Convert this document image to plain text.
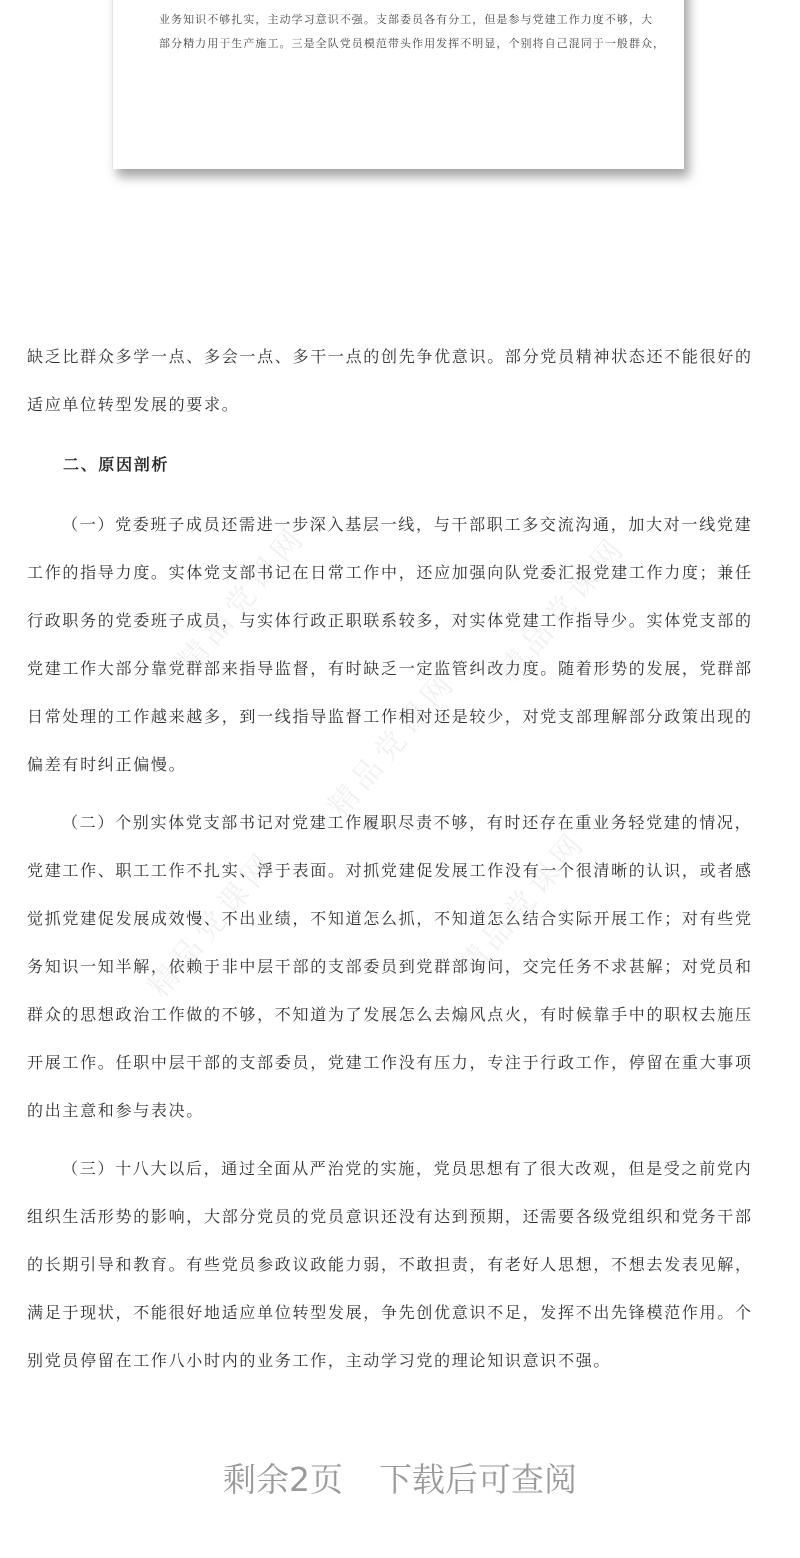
业务知识不够扎实，主动学习意识不强。支部委员各有分工，但是参与党建工作力度不够，大
部分精力用于生产施工。三是全队党员模范带头作用发挥不明显，个别将自己混同于一般群众，
精品党课网	精品党课网
精品党课网
精品党课网	精品党课网
缺乏比群众多学一点、多会一点、多干一点的创先争优意识。部分党员精神状态还不能很好的
适应单位转型发展的要求。
二、原因剖析
（一）党委班子成员还需进一步深入基层一线，与干部职工多交流沟通，加大对一线党建
工作的指导力度。实体党支部书记在日常工作中，还应加强向队党委汇报党建工作力度；兼任
行政职务的党委班子成员，与实体行政正职联系较多，对实体党建工作指导少。实体党支部的
党建工作大部分靠党群部来指导监督，有时缺乏一定监管纠改力度。随着形势的发展，党群部
日常处理的工作越来越多，到一线指导监督工作相对还是较少，对党支部理解部分政策出现的
偏差有时纠正偏慢。
（二）个别实体党支部书记对党建工作履职尽责不够，有时还存在重业务轻党建的情况，
党建工作、职工工作不扎实、浮于表面。对抓党建促发展工作没有一个很清晰的认识，或者感
觉抓党建促发展成效慢、不出业绩，不知道怎么抓，不知道怎么结合实际开展工作；对有些党
务知识一知半解，依赖于非中层干部的支部委员到党群部询问，交完任务不求甚解；对党员和
群众的思想政治工作做的不够，不知道为了发展怎么去煽风点火，有时候靠手中的职权去施压
开展工作。任职中层干部的支部委员，党建工作没有压力，专注于行政工作，停留在重大事项
的出主意和参与表决。
（三）十八大以后，通过全面从严治党的实施，党员思想有了很大改观，但是受之前党内
组织生活形势的影响，大部分党员的党员意识还没有达到预期，还需要各级党组织和党务干部
的长期引导和教育。有些党员参政议政能力弱，不敢担责，有老好人思想，不想去发表见解，
满足于现状，不能很好地适应单位转型发展，争先创优意识不足，发挥不出先锋模范作用。个
别党员停留在工作八小时内的业务工作，主动学习党的理论知识意识不强。
剩余2页 下载后可查阅
